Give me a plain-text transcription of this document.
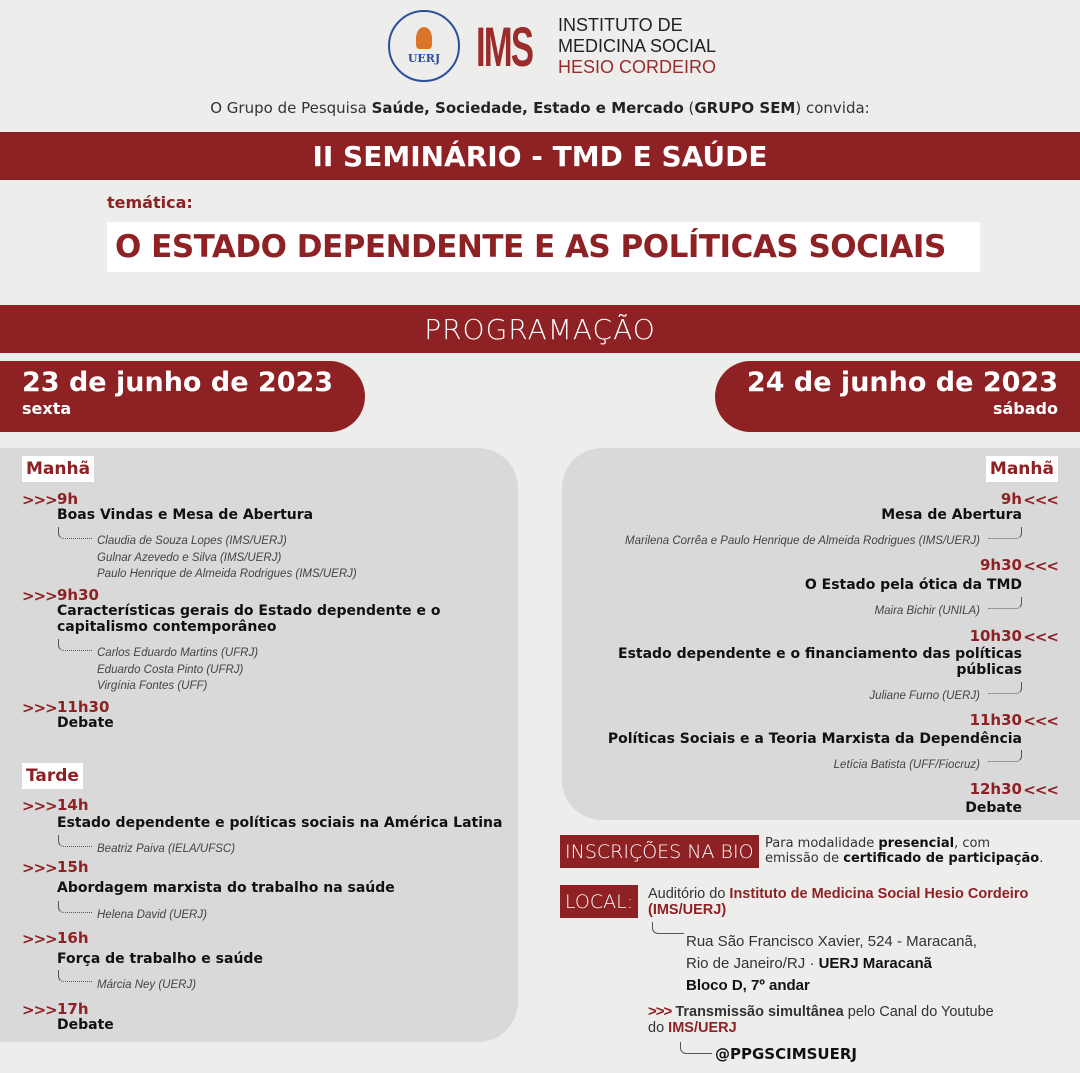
UERJ IMS INSTITUTO DE
MEDICINA SOCIAL
HESIO CORDEIRO
O Grupo de Pesquisa Saúde, Sociedade, Estado e Mercado (GRUPO SEM) convida:
II SEMINÁRIO - TMD E SAÚDE
temática:
O ESTADO DEPENDENTE E AS POLÍTICAS SOCIAIS
PROGRAMAÇÃO
23 de junho de 2023
sexta
24 de junho de 2023
sábado
Manhã
>>> 9h
Boas Vindas e Mesa de Abertura
Claudia de Souza Lopes (IMS/UERJ)
Gulnar Azevedo e Silva (IMS/UERJ)
Paulo Henrique de Almeida Rodrigues (IMS/UERJ)
>>> 9h30
Características gerais do Estado dependente e o
capitalismo contemporâneo
Carlos Eduardo Martins (UFRJ)
Eduardo Costa Pinto (UFRJ)
Virgínia Fontes (UFF)
>>> 11h30
Debate
Tarde
>>> 14h
Estado dependente e políticas sociais na América Latina
Beatriz Paiva (IELA/UFSC)
>>> 15h
Abordagem marxista do trabalho na saúde
Helena David (UERJ)
>>> 16h
Força de trabalho e saúde
Márcia Ney (UERJ)
>>> 17h
Debate
Manhã
<<<
9h
Mesa de Abertura
Marilena Corrêa e Paulo Henrique de Almeida Rodrigues (IMS/UERJ)
<<<
9h30
O Estado pela ótica da TMD
Maira Bichir (UNILA)
<<<
10h30
Estado dependente e o financiamento das políticas
públicas
Juliane Furno (UERJ)
<<<
11h30
Políticas Sociais e a Teoria Marxista da Dependência
Letícia Batista (UFF/Fiocruz)
<<<
12h30
Debate
INSCRIÇÕES NA BIO Para modalidade presencial, com
emissão de certificado de participação.
LOCAL:	Auditório do Instituto de Medicina Social Hesio Cordeiro (IMS/UERJ)
Rua São Francisco Xavier, 524 - Maracanã,
Rio de Janeiro/RJ · UERJ Maracanã
Bloco D, 7º andar
>>> Transmissão simultânea pelo Canal do Youtube
do IMS/UERJ
@PPGSCIMSUERJ
